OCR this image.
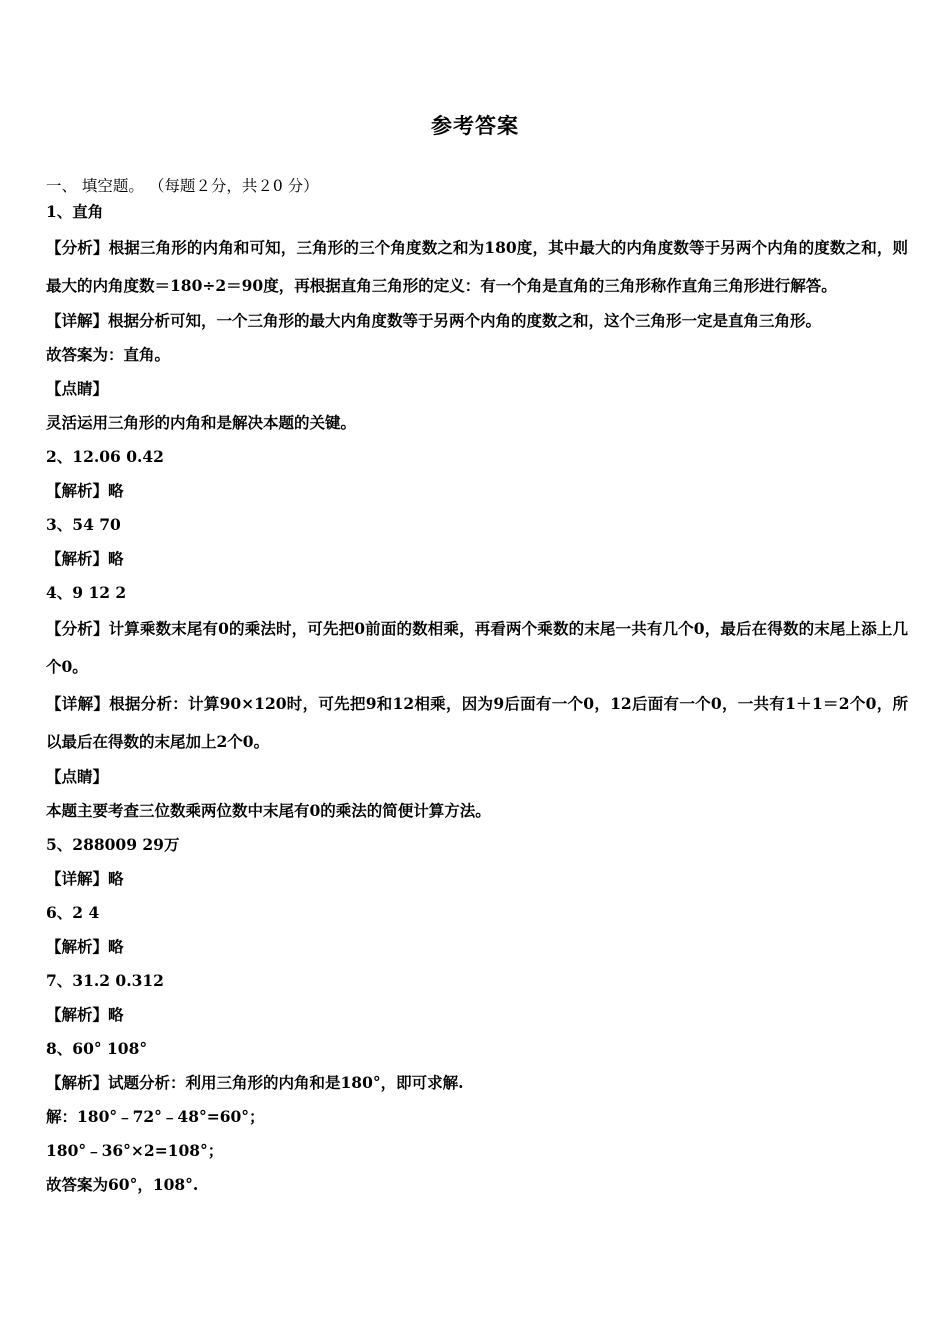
参考答案
一、 填空题。 （每题２分，共２0 分）
1、直角
【分析】根据三角形的内角和可知，三角形的三个角度数之和为180度，其中最大的内角度数等于另两个内角的度数之和，则最大的内角度数＝180÷2＝90度，再根据直角三角形的定义：有一个角是直角的三角形称作直角三角形进行解答。
【详解】根据分析可知，一个三角形的最大内角度数等于另两个内角的度数之和，这个三角形一定是直角三角形。
故答案为：直角。
【点睛】
灵活运用三角形的内角和是解决本题的关键。
2、12.06 0.42
【解析】略
3、54 70
【解析】略
4、9 12 2
【分析】计算乘数末尾有0的乘法时，可先把0前面的数相乘，再看两个乘数的末尾一共有几个0，最后在得数的末尾上添上几个0。
【详解】根据分析：计算90×120时，可先把9和12相乘，因为9后面有一个0，12后面有一个0，一共有1＋1＝2个0，所以最后在得数的末尾加上2个0。
【点睛】
本题主要考查三位数乘两位数中末尾有0的乘法的简便计算方法。
5、288009 29万
【详解】略
6、2 4
【解析】略
7、31.2 0.312
【解析】略
8、60° 108°
【解析】试题分析：利用三角形的内角和是180°，即可求解.
解：180°﹣72°﹣48°=60°；
180°﹣36°×2=108°；
故答案为60°，108°.
